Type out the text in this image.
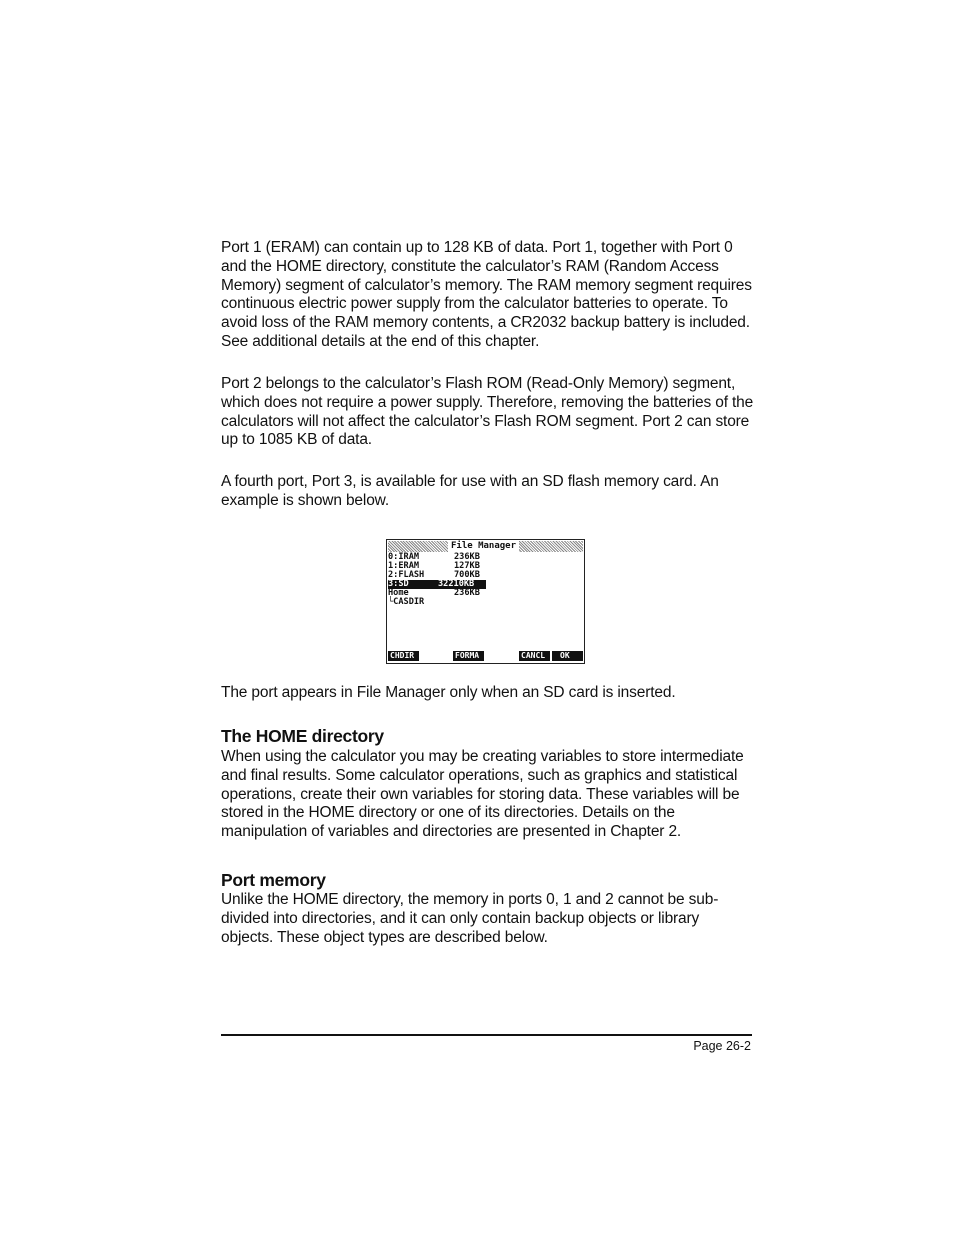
Port 1 (ERAM) can contain up to 128 KB of data. Port 1, together with Port 0
and the HOME directory, constitute the calculator’s RAM (Random Access
Memory) segment of calculator’s memory. The RAM memory segment requires
continuous electric power supply from the calculator batteries to operate. To
avoid loss of the RAM memory contents, a CR2032 backup battery is included.
See additional details at the end of this chapter.
Port 2 belongs to the calculator’s Flash ROM (Read-Only Memory) segment,
which does not require a power supply. Therefore, removing the batteries of the
calculators will not affect the calculator’s Flash ROM segment. Port 2 can store
up to 1085 KB of data.
A fourth port, Port 3, is available for use with an SD flash memory card. An
example is shown below.
File Manager
0:IRAM	236KB
1:ERAM	127KB
2:FLASH	700KB
3:SD	32210KB
Home	236KB
└CASDIR
CHDIR	FORMA	CANCL	OK
The port appears in File Manager only when an SD card is inserted.
The HOME directory
When using the calculator you may be creating variables to store intermediate
and final results. Some calculator operations, such as graphics and statistical
operations, create their own variables for storing data. These variables will be
stored in the HOME directory or one of its directories. Details on the
manipulation of variables and directories are presented in Chapter 2.
Port memory
Unlike the HOME directory, the memory in ports 0, 1 and 2 cannot be sub-
divided into directories, and it can only contain backup objects or library
objects. These object types are described below.
Page 26-2
